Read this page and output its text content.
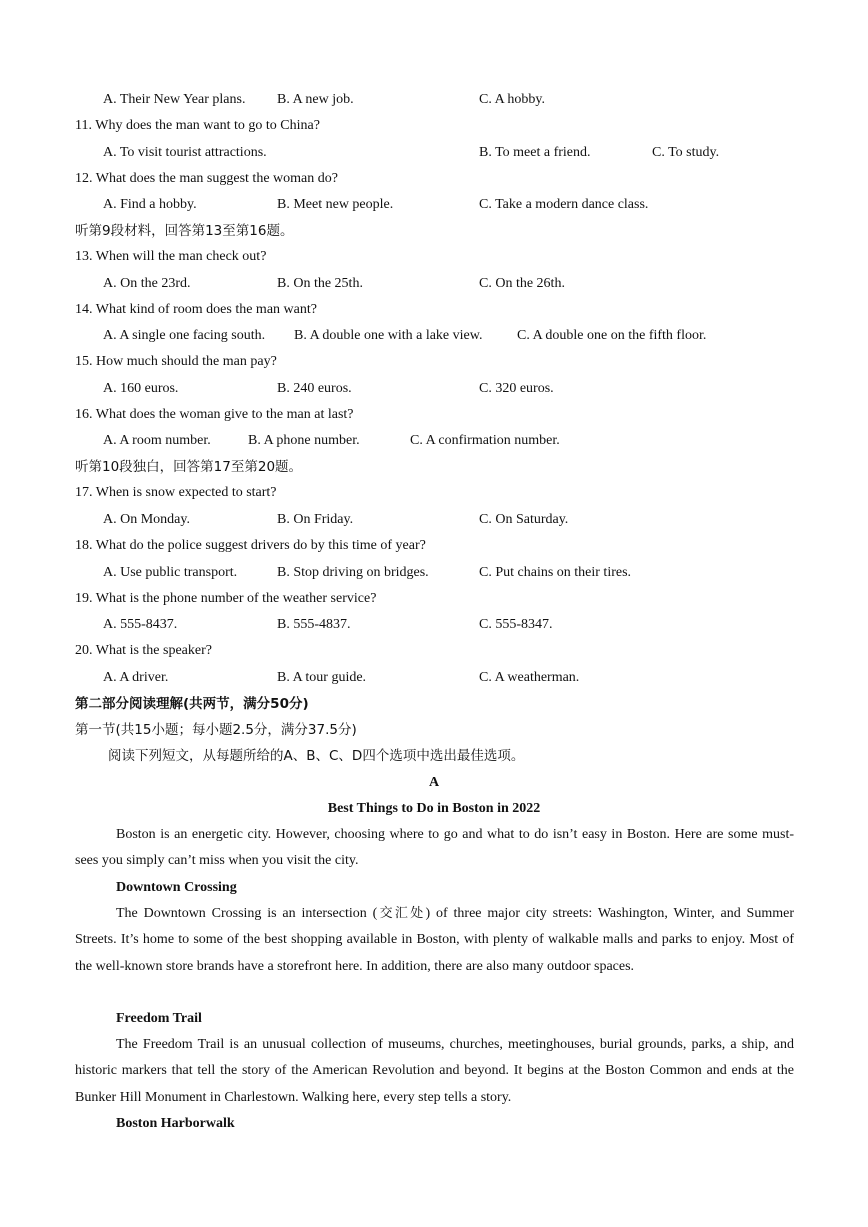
A. Their New Year plans. B. A new job.	C. A hobby.
11. Why does the man want to go to China?
A. To visit tourist attractions.	B. To meet a friend.	C. To study.
12. What does the man suggest the woman do?
A. Find a hobby.	B. Meet new people.	C. Take a modern dance class.
听第9段材料，回答第13至第16题。
13. When will the man check out?
A. On the 23rd.	B. On the 25th.	C. On the 26th.
14. What kind of room does the man want?
A. A single one facing south. B. A double one with a lake view. C. A double one on the fifth floor.
15. How much should the man pay?
A. 160 euros.	B. 240 euros.	C. 320 euros.
16. What does the woman give to the man at last?
A. A room number.	B. A phone number.	C. A confirmation number.
听第10段独白，回答第17至第20题。
17. When is snow expected to start?
A. On Monday.	B. On Friday.	C. On Saturday.
18. What do the police suggest drivers do by this time of year?
A. Use public transport.	B. Stop driving on bridges.	C. Put chains on their tires.
19. What is the phone number of the weather service?
A. 555-8437.	B. 555-4837.	C. 555-8347.
20. What is the speaker?
A. A driver.	B. A tour guide.	C. A weatherman.
第二部分阅读理解(共两节，满分50分)
第一节(共15小题；每小题2.5分，满分37.5分)
阅读下列短文，从每题所给的A、B、C、D四个选项中选出最佳选项。
A
Best Things to Do in Boston in 2022

Boston is an energetic city. However, choosing where to go and what to do isn’t easy in Boston. Here are some must-sees you simply can’t miss when you visit the city.

Downtown Crossing

The Downtown Crossing is an intersection (交汇处) of three major city streets: Washington, Winter, and Summer Streets. It’s home to some of the best shopping available in Boston, with plenty of walkable malls and parks to enjoy. Most of the well-known store brands have a storefront here. In addition, there are also many outdoor spaces.

Freedom Trail

The Freedom Trail is an unusual collection of museums, churches, meetinghouses, burial grounds, parks, a ship, and historic markers that tell the story of the American Revolution and beyond. It begins at the Boston Common and ends at the Bunker Hill Monument in Charlestown. Walking here, every step tells a story.

Boston Harborwalk
